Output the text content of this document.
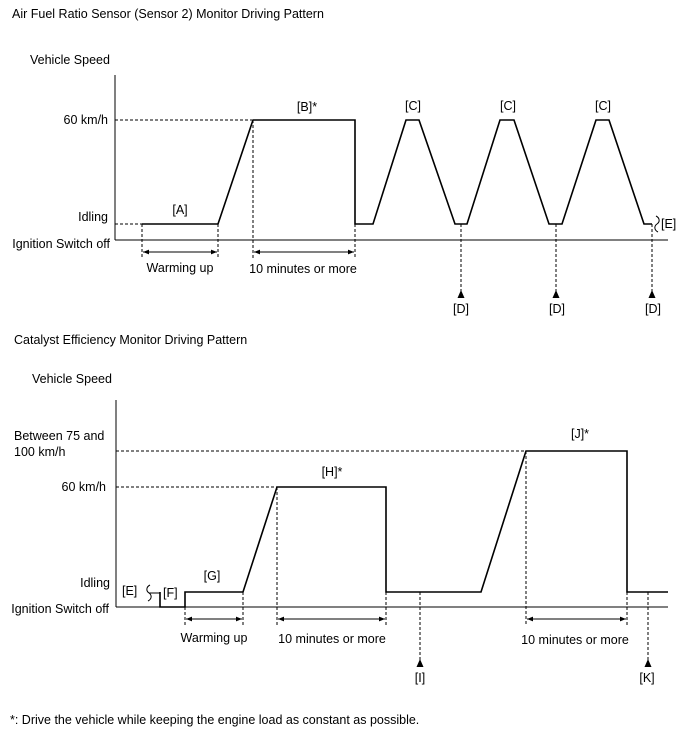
Air Fuel Ratio Sensor (Sensor 2) Monitor Driving Pattern
Vehicle Speed
60 km/h
Idling
Ignition Switch off
Warming up	10 minutes or more
[A]
[B]*	[C]	[C]	[C]
[D]	[D]	[D]
[E]
Catalyst Efficiency Monitor Driving Pattern
Vehicle Speed
Between 75 and
100 km/h
60 km/h
Idling
Ignition Switch off
Warming up 10 minutes or more	10 minutes or more
[E] [F]
[G]
[H]*
[I]
[J]*
[K]
*: Drive the vehicle while keeping the engine load as constant as possible.
